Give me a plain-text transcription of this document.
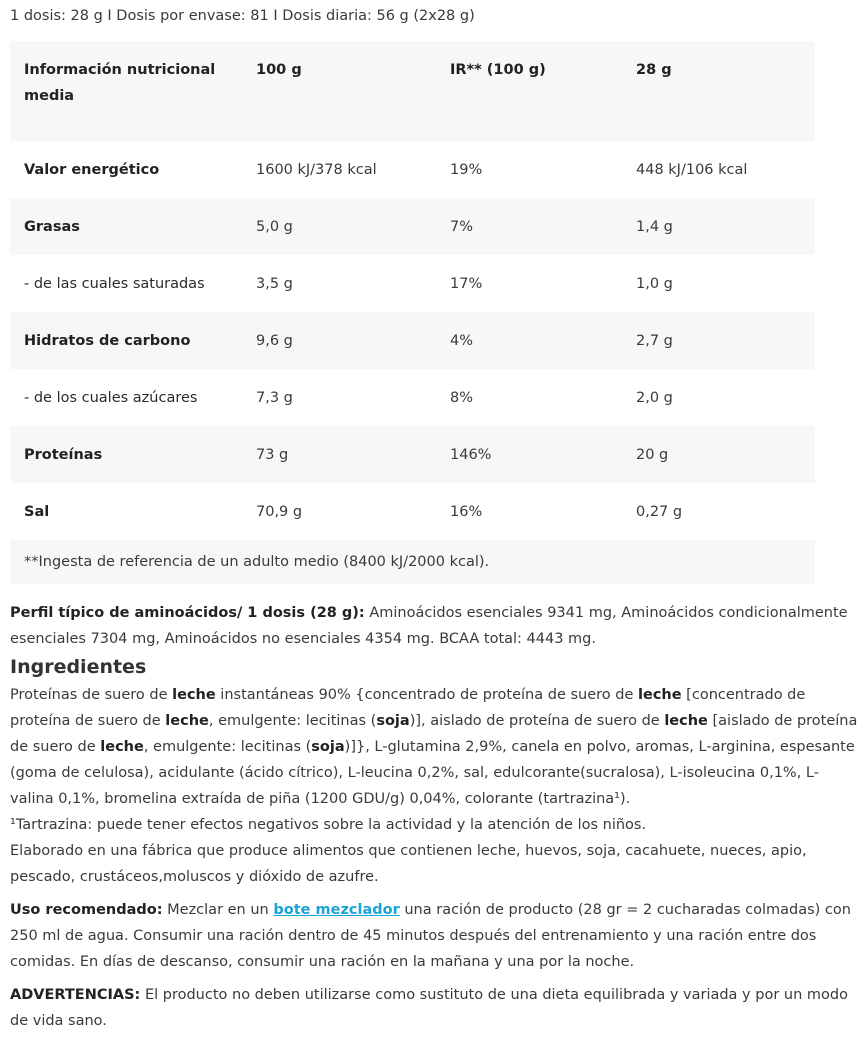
1 dosis: 28 g I Dosis por envase: 81 I Dosis diaria: 56 g (2x28 g)
Información nutricional media	100 g	IR** (100 g)	28 g
Valor energético	1600 kJ/378 kcal	19%	448 kJ/106 kcal
Grasas	5,0 g	7%	1,4 g
- de las cuales saturadas	3,5 g	17%	1,0 g
Hidratos de carbono	9,6 g	4%	2,7 g
- de los cuales azúcares	7,3 g	8%	2,0 g
Proteínas	73 g	146%	20 g
Sal	70,9 g	16%	0,27 g
**Ingesta de referencia de un adulto medio (8400 kJ/2000 kcal).			

Perfil típico de aminoácidos/ 1 dosis (28 g): Aminoácidos esenciales 9341 mg, Aminoácidos condicionalmente esenciales 7304 mg, Aminoácidos no esenciales 4354 mg. BCAA total: 4443 mg.

Ingredientes

Proteínas de suero de leche instantáneas 90% {concentrado de proteína de suero de leche [concentrado de proteína de suero de leche, emulgente: lecitinas (soja)], aislado de proteína de suero de leche [aislado de proteína de suero de leche, emulgente: lecitinas (soja)]}, L-glutamina 2,9%, canela en polvo, aromas, L-arginina, espesante (goma de celulosa), acidulante (ácido cítrico), L-leucina 0,2%, sal, edulcorante(sucralosa), L-isoleucina 0,1%, L-valina 0,1%, bromelina extraída de piña (1200 GDU/g) 0,04%, colorante (tartrazina¹).

¹Tartrazina: puede tener efectos negativos sobre la actividad y la atención de los niños.

Elaborado en una fábrica que produce alimentos que contienen leche, huevos, soja, cacahuete, nueces, apio, pescado, crustáceos,moluscos y dióxido de azufre.

Uso recomendado: Mezclar en un bote mezclador una ración de producto (28 gr = 2 cucharadas colmadas) con 250 ml de agua. Consumir una ración dentro de 45 minutos después del entrenamiento y una ración entre dos comidas. En días de descanso, consumir una ración en la mañana y una por la noche.

ADVERTENCIAS: El producto no deben utilizarse como sustituto de una dieta equilibrada y variada y por un modo de vida sano.
